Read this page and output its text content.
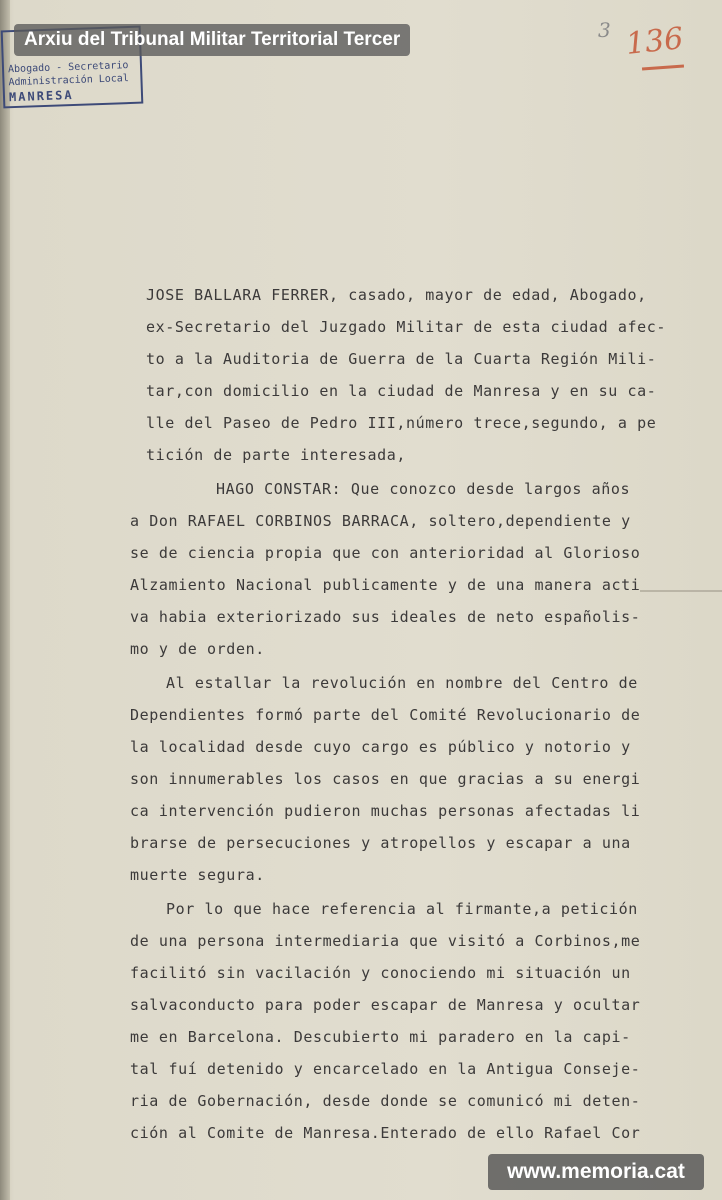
Abogado - Secretario
Administración Local
MANRESA
Arxiu del Tribunal Militar Territorial Tercer	3 136
JOSE BALLARA FERRER, casado, mayor de edad, Abogado,
ex-Secretario del Juzgado Militar de esta ciudad afec-
to a la Auditoria de Guerra de la Cuarta Región Mili-
tar,con domicilio en la ciudad de Manresa y en su ca-
lle del Paseo de Pedro III,número trece,segundo, a pe
tición de parte interesada,
HAGO CONSTAR: Que conozco desde largos años
a Don RAFAEL CORBINOS BARRACA, soltero,dependiente y
se de ciencia propia que con anterioridad al Glorioso
Alzamiento Nacional publicamente y de una manera acti
va habia exteriorizado sus ideales de neto españolis-
mo y de orden.
Al estallar la revolución en nombre del Centro de
Dependientes formó parte del Comité Revolucionario de
la localidad desde cuyo cargo es público y notorio y
son innumerables los casos en que gracias a su energi
ca intervención pudieron muchas personas afectadas li
brarse de persecuciones y atropellos y escapar a una
muerte segura.
Por lo que hace referencia al firmante,a petición
de una persona intermediaria que visitó a Corbinos,me
facilitó sin vacilación y conociendo mi situación un
salvaconducto para poder escapar de Manresa y ocultar
me en Barcelona. Descubierto mi paradero en la capi-
tal fuí detenido y encarcelado en la Antigua Conseje-
ria de Gobernación, desde donde se comunicó mi deten-
ción al Comite de Manresa.Enterado de ello Rafael Cor
www.memoria.cat
